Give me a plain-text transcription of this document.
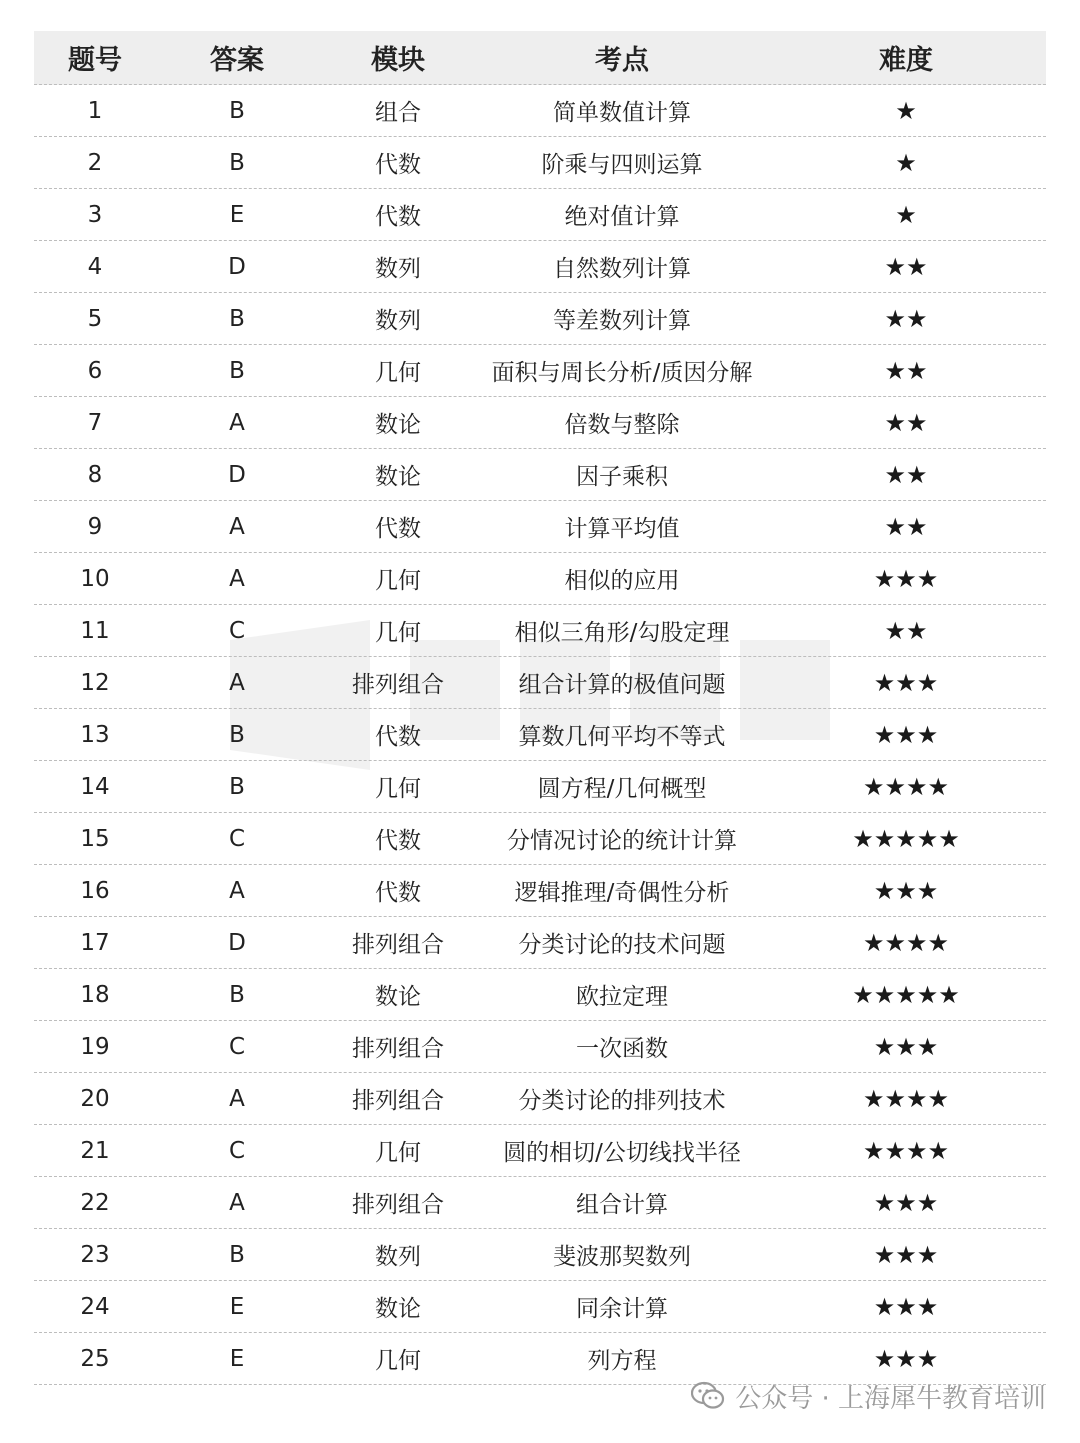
题号	答案	模块	考点	难度
1	B	组合	简单数值计算	★
2	B	代数	阶乘与四则运算	★
3	E	代数	绝对值计算	★
4	D	数列	自然数列计算	★★
5	B	数列	等差数列计算	★★
6	B	几何	面积与周长分析/质因分解	★★
7	A	数论	倍数与整除	★★
8	D	数论	因子乘积	★★
9	A	代数	计算平均值	★★
10	A	几何	相似的应用	★★★
11	C	几何	相似三角形/勾股定理	★★
12	A	排列组合	组合计算的极值问题	★★★
13	B	代数	算数几何平均不等式	★★★
14	B	几何	圆方程/几何概型	★★★★
15	C	代数	分情况讨论的统计计算	★★★★★
16	A	代数	逻辑推理/奇偶性分析	★★★
17	D	排列组合	分类讨论的技术问题	★★★★
18	B	数论	欧拉定理	★★★★★
19	C	排列组合	一次函数	★★★
20	A	排列组合	分类讨论的排列技术	★★★★
21	C	几何	圆的相切/公切线找半径	★★★★
22	A	排列组合	组合计算	★★★
23	B	数列	斐波那契数列	★★★
24	E	数论	同余计算	★★★
25	E	几何	列方程	★★★
公众号 · 上海犀牛教育培训
